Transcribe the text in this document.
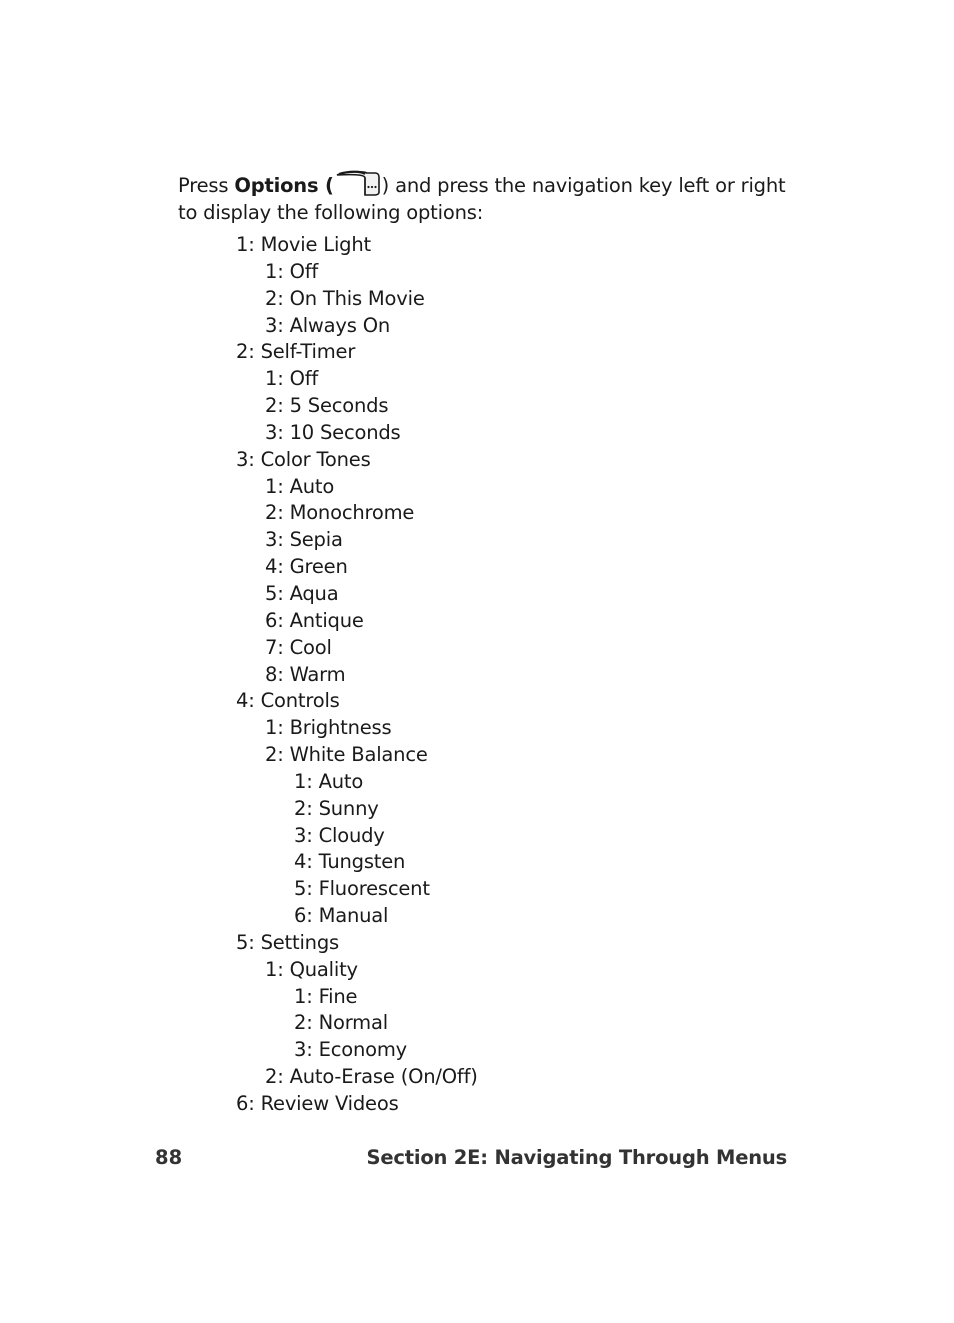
Press Options ( ) and press the navigation key left or right to display the following options:
1: Movie Light
1: Off
2: On This Movie
3: Always On
2: Self-Timer
1: Off
2: 5 Seconds
3: 10 Seconds
3: Color Tones
1: Auto
2: Monochrome
3: Sepia
4: Green
5: Aqua
6: Antique
7: Cool
8: Warm
4: Controls
1: Brightness
2: White Balance
1: Auto
2: Sunny
3: Cloudy
4: Tungsten
5: Fluorescent
6: Manual
5: Settings
1: Quality
1: Fine
2: Normal
3: Economy
2: Auto-Erase (On/Off)
6: Review Videos
88	Section 2E: Navigating Through Menus
